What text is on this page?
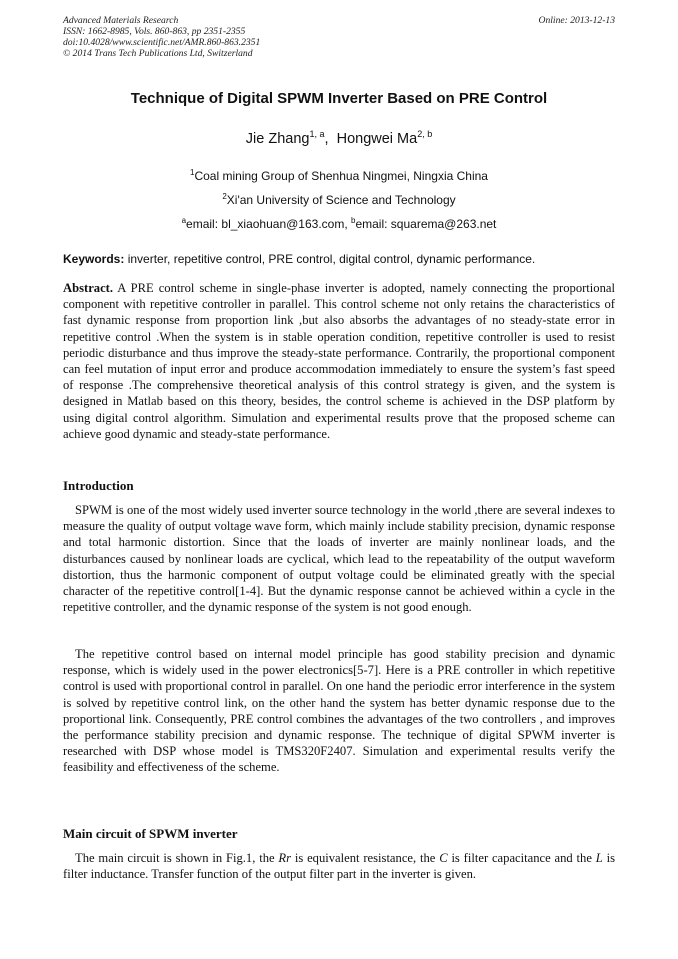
Advanced Materials Research
ISSN: 1662-8985, Vols. 860-863, pp 2351-2355
doi:10.4028/www.scientific.net/AMR.860-863.2351
© 2014 Trans Tech Publications Ltd, Switzerland
Online: 2013-12-13
Technique of Digital SPWM Inverter Based on PRE Control
Jie Zhang$^{1, a}$,  Hongwei Ma$^{2, b}$
$^1$Coal mining Group of Shenhua Ningmei, Ningxia China
$^2$Xi'an University of Science and Technology
$^a$email: bl_xiaohuan@163.com, $^b$email: squarema@263.net
Keywords: inverter, repetitive control, PRE control, digital control, dynamic performance.
Abstract. A PRE control scheme in single-phase inverter is adopted, namely connecting the proportional component with repetitive controller in parallel. This control scheme not only retains the characteristics of fast dynamic response from proportion link ,but also absorbs the advantages of no steady-state error in repetitive control .When the system is in stable operation condition, repetitive controller is used to resist periodic disturbance and thus improve the steady-state performance. Contrarily, the proportional component can feel mutation of input error and produce accommodation immediately to ensure the system’s fast speed of response .The comprehensive theoretical analysis of this control strategy is given, and the system is designed in Matlab based on this theory, besides, the control scheme is achieved in the DSP platform by using digital control algorithm. Simulation and experimental results prove that the proposed scheme can achieve good dynamic and steady-state performance.
Introduction

SPWM is one of the most widely used inverter source technology in the world ,there are several indexes to measure the quality of output voltage wave form, which mainly include stability precision, dynamic response and total harmonic distortion. Since that the loads of inverter are mainly nonlinear loads, and the disturbances caused by nonlinear loads are cyclical, which lead to the repeatability of the output waveform distortion, thus the harmonic component of output voltage could be eliminated greatly with the special character of the repetitive control[1-4]. But the dynamic response cannot be achieved within a cycle in the repetitive controller, and the dynamic response of the system is not good enough.

The repetitive control based on internal model principle has good stability precision and dynamic response, which is widely used in the power electronics[5-7]. Here is a PRE controller in which repetitive control is used with proportional control in parallel. On one hand the periodic error interference in the system is solved by repetitive control link, on the other hand the system has better dynamic response due to the proportional link. Consequently, PRE control combines the advantages of the two controllers , and improves the performance stability precision and dynamic response. The technique of digital SPWM inverter is researched with DSP whose model is TMS320F2407. Simulation and experimental results verify the feasibility and effectiveness of the scheme.

Main circuit of SPWM inverter

The main circuit is shown in Fig.1, the Rr is equivalent resistance, the C is filter capacitance and the L is filter inductance. Transfer function of the output filter part in the inverter is given.
